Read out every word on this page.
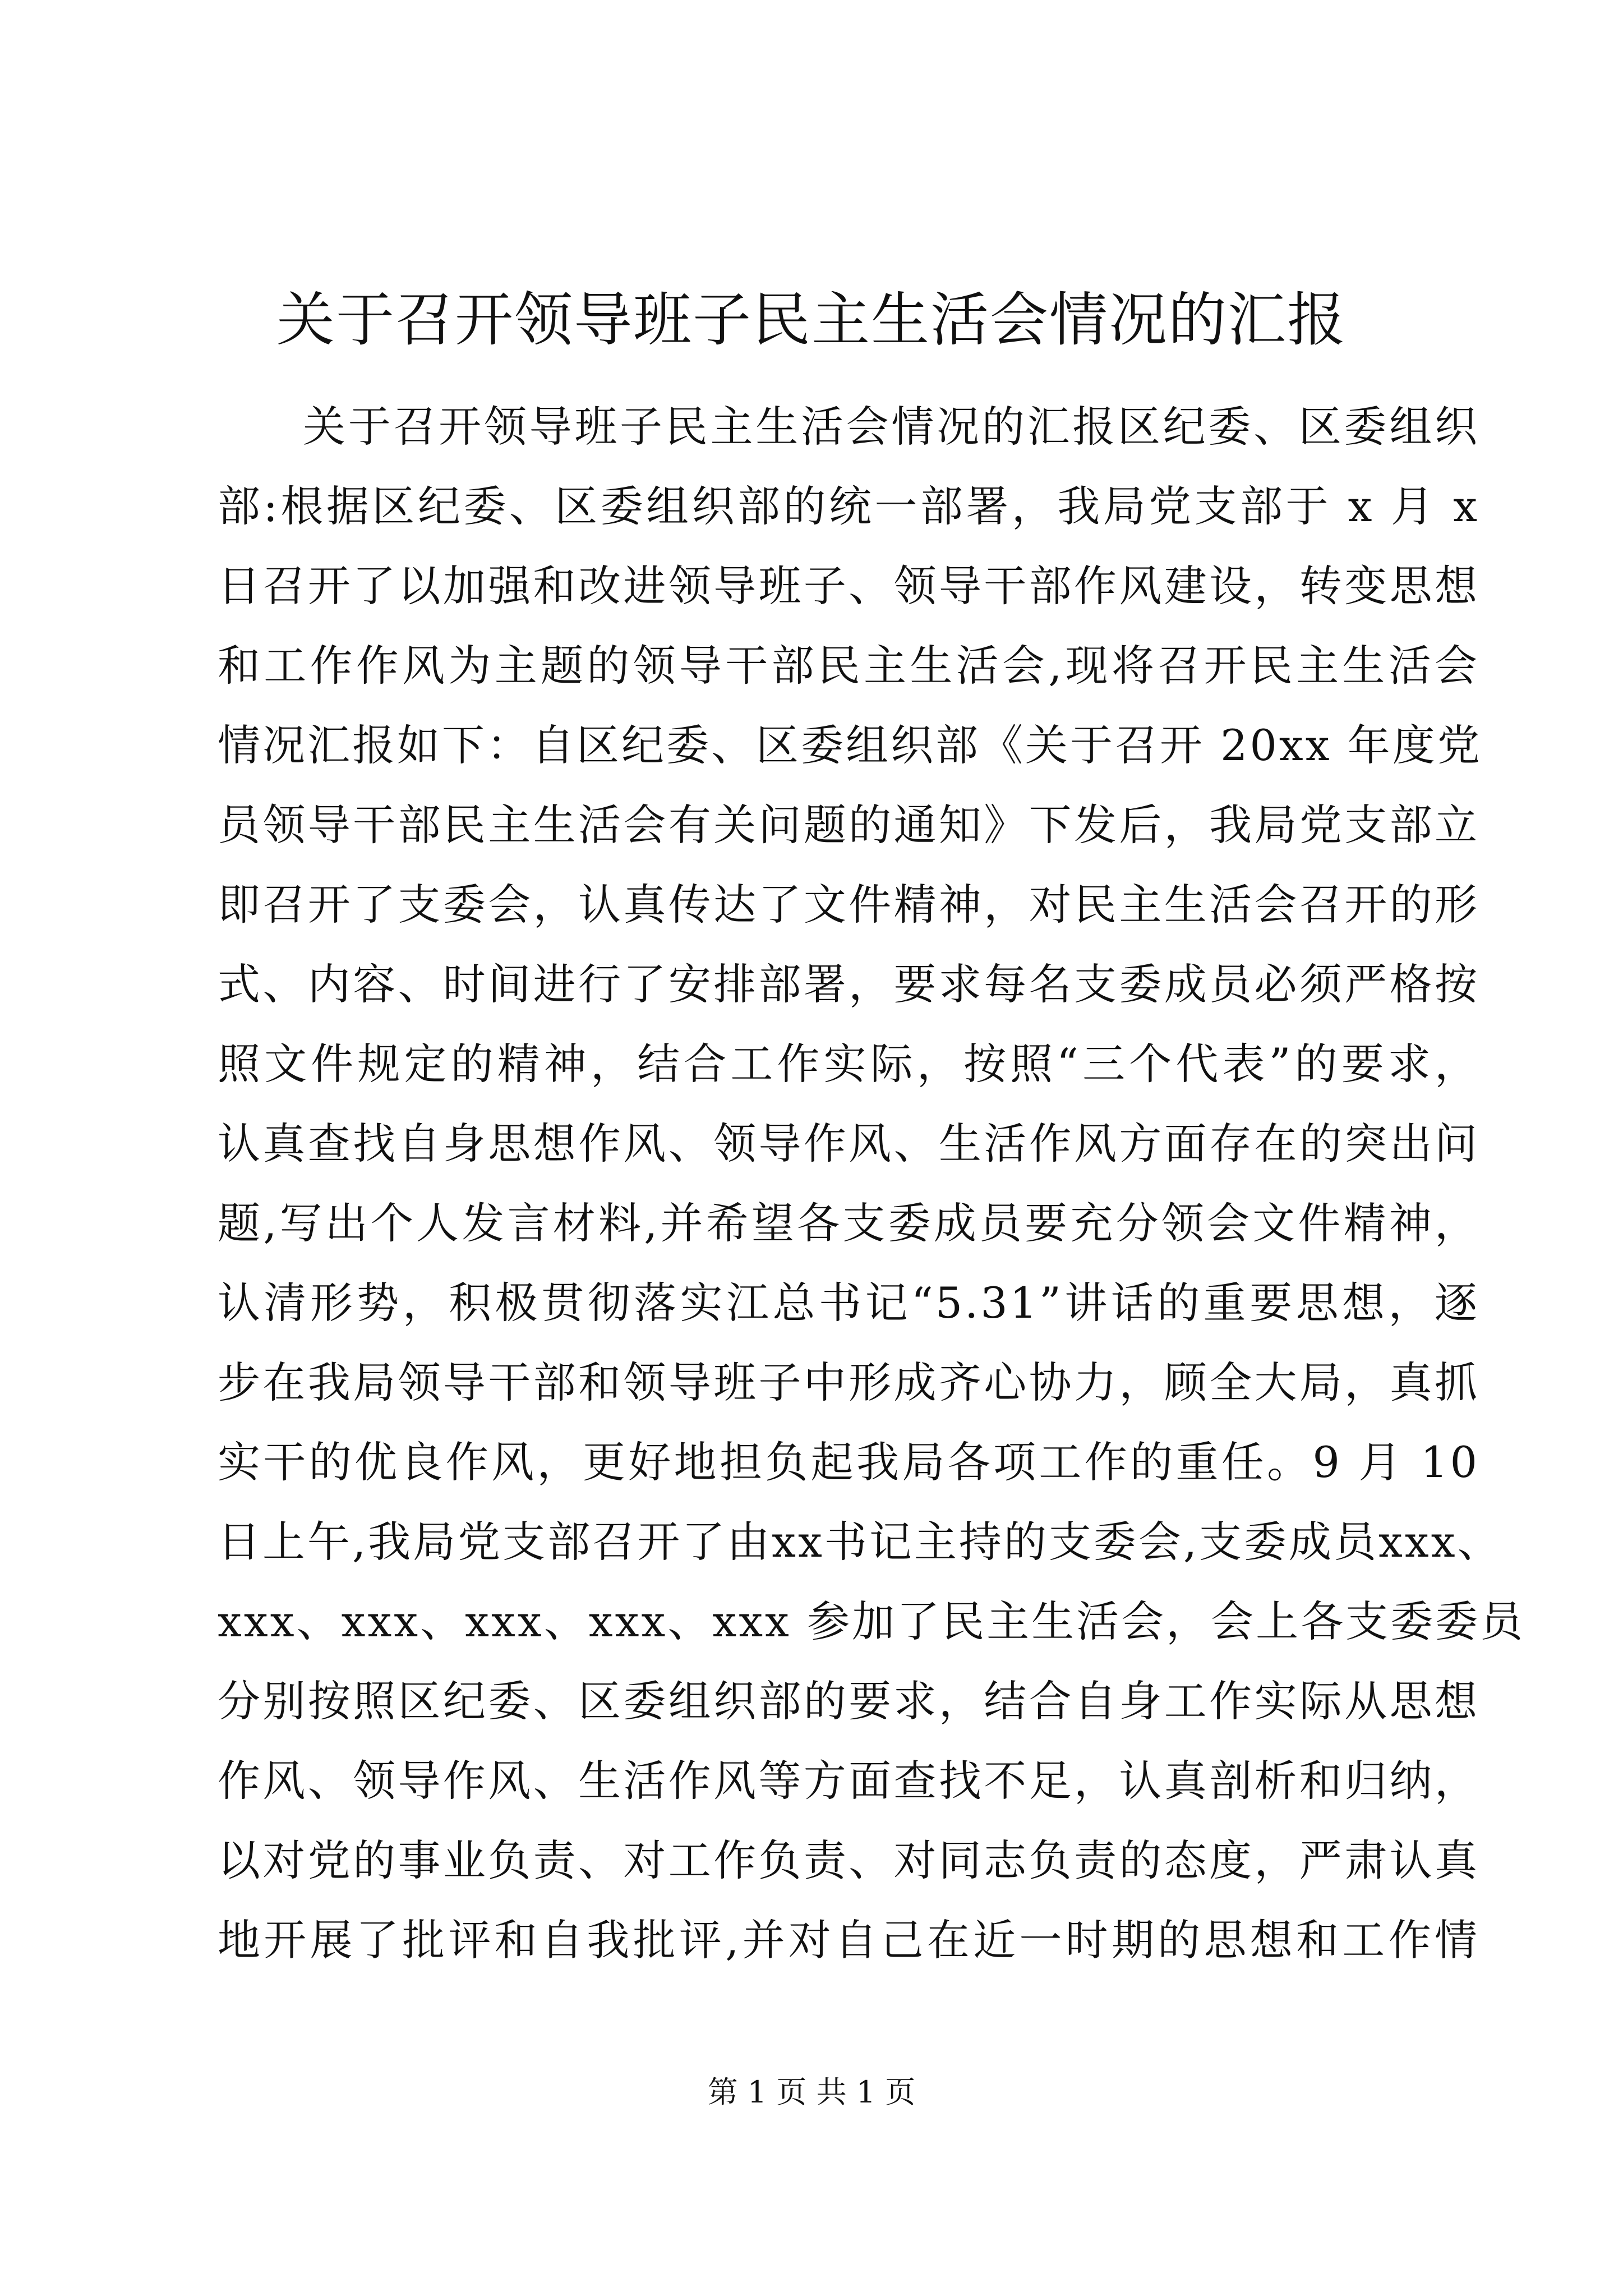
关于召开领导班子民主生活会情况的汇报
关于召开领导班子民主生活会情况的汇报区纪委、区委组织
部:根据区纪委、区委组织部的统一部署，我局党支部于 x 月 x
日召开了以加强和改进领导班子、领导干部作风建设，转变思想
和工作作风为主题的领导干部民主生活会,现将召开民主生活会
情况汇报如下：自区纪委、区委组织部《关于召开 20xx 年度党
员领导干部民主生活会有关问题的通知》下发后，我局党支部立
即召开了支委会，认真传达了文件精神，对民主生活会召开的形
式、内容、时间进行了安排部署，要求每名支委成员必须严格按
照文件规定的精神，结合工作实际，按照“三个代表”的要求，
认真查找自身思想作风、领导作风、生活作风方面存在的突出问
题,写出个人发言材料,并希望各支委成员要充分领会文件精神，
认清形势，积极贯彻落实江总书记“5.31”讲话的重要思想，逐
步在我局领导干部和领导班子中形成齐心协力，顾全大局，真抓
实干的优良作风，更好地担负起我局各项工作的重任。9 月 10
日上午,我局党支部召开了由xx书记主持的支委会,支委成员xxx、
xxx、xxx、xxx、xxx、xxx 参加了民主生活会，会上各支委委员
分别按照区纪委、区委组织部的要求，结合自身工作实际从思想
作风、领导作风、生活作风等方面查找不足，认真剖析和归纳，
以对党的事业负责、对工作负责、对同志负责的态度，严肃认真
地开展了批评和自我批评,并对自己在近一时期的思想和工作情
第 1 页 共 1 页
